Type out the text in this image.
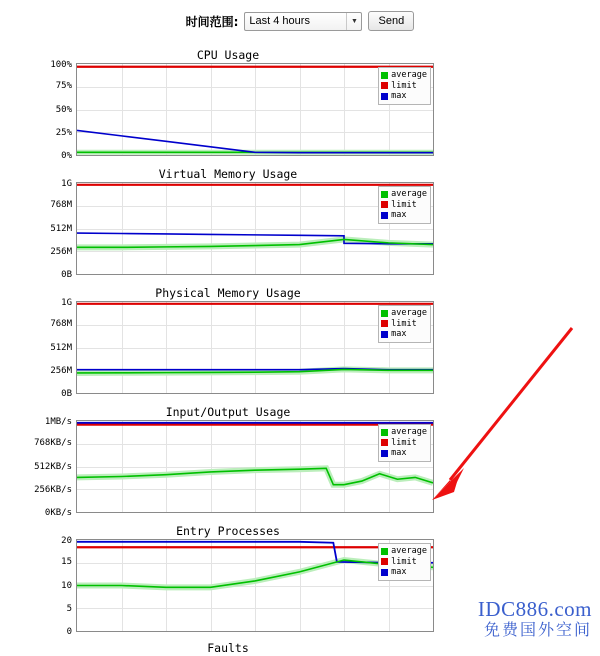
时间范围: Last 4 hours	▼	Send
CPU Usage
0%
25%
50%
75%
100%
average
limit
max
Virtual Memory Usage
0B
256M
512M
768M
1G
average
limit
max
Physical Memory Usage
0B
256M
512M
768M
1G
average
limit
max
Input/Output Usage
0KB/s
256KB/s
512KB/s
768KB/s
1MB/s
average
limit
max
Entry Processes
0
5
10
15
20
average
limit
max
Faults
IDC886.com
免费国外空间
